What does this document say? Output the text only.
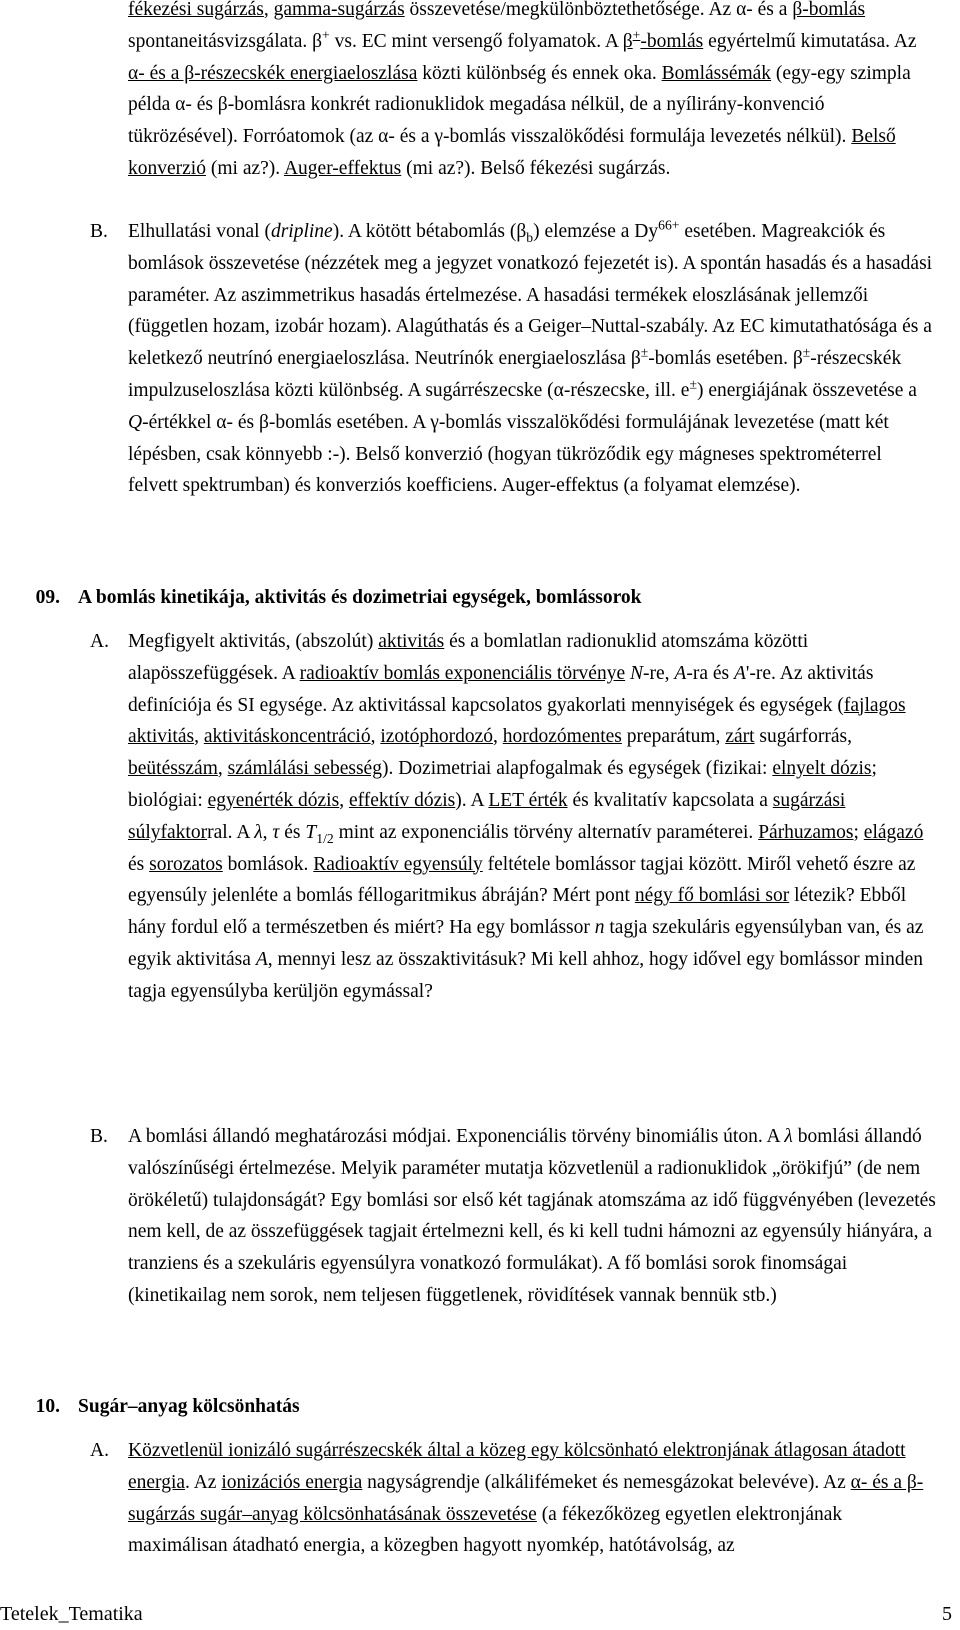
fékezési sugárzás, gamma-sugárzás összevetése/megkülönböztethetősége. Az α- és a β-bomlás spontaneitásvizsgálata. β+ vs. EC mint versengő folyamatok. A β+-bomlás egyértelmű kimutatása. Az α- és a β-részecskék energiaeloszlása közti különbség és ennek oka. Bomlássémák (egy-egy szimpla példa α- és β-bomlásra konkrét radionuklidok megadása nélkül, de a nyílirány-konvenció tükrözésével). Forróatomok (az α- és a γ-bomlás visszalökődési formulája levezetés nélkül). Belső konverzió (mi az?). Auger-effektus (mi az?). Belső fékezési sugárzás.

B. Elhullatási vonal (dripline). A kötött bétabomlás $(\beta_b)$ elemzése a $Dy^{66+}$ esetében. Magreakciók és bomlások összevetése (nézzétek meg a jegyzet vonatkozó fejezetét is). A spontán hasadás és a hasadási paraméter. Az aszimmetrikus hasadás értelmezése. A hasadási termékek eloszlásának jellemzői (független hozam, izobár hozam). Alagúthatás és a Geiger–Nuttal-szabály. Az EC kimutathatósága és a keletkező neutrínó energiaeloszlása. Neutrínók energiaeloszlása β±-bomlás esetében. β±-részecskék impulzuseloszlása közti különbség. A sugárrészecske (α-részecske, ill. e±) energiájának összevetése a Q-értékkel α- és β-bomlás esetében. A γ-bomlás visszalökődési formulájának levezetése (matt két lépésben, csak könnyebb :-). Belső konverzió (hogyan tükröződik egy mágneses spektrométerrel felvett spektrumban) és konverziós koefficiens. Auger-effektus (a folyamat elemzése).

09. A bomlás kinetikája, aktivitás és dozimetriai egységek, bomlássorok
A. Megfigyelt aktivitás, (abszolút) aktivitás és a bomlatlan radionuklid atomszáma közötti alapösszefüggések. A radioaktív bomlás exponenciális törvénye N-re, A-ra és A'-re. Az aktivitás definíciója és SI egysége. Az aktivitással kapcsolatos gyakorlati mennyiségek és egységek (fajlagos aktivitás, aktivitáskoncentráció, izotóphordozó, hordozómentes preparátum, zárt sugárforrás, beütésszám, számlálási sebesség). Dozimetriai alapfogalmak és egységek (fizikai: elnyelt dózis; biológiai: egyenérték dózis, effektív dózis). A LET érték és kvalitatív kapcsolata a sugárzási súlyfaktorral. A λ, τ és $T_{1/2}$ mint az exponenciális törvény alternatív paraméterei. Párhuzamos; elágazó és sorozatos bomlások. Radioaktív egyensúly feltétele bomlássor tagjai között. Miről vehető észre az egyensúly jelenléte a bomlás féllogaritmikus ábráján? Mért pont négy fő bomlási sor létezik? Ebből hány fordul elő a természetben és miért? Ha egy bomlássor n tagja szekuláris egyensúlyban van, és az egyik aktivitása A, mennyi lesz az összaktivitásuk? Mi kell ahhoz, hogy idővel egy bomlássor minden tagja egyensúlyba kerüljön egymással?

B. A bomlási állandó meghatározási módjai. Exponenciális törvény binomiális úton. A λ bomlási állandó valószínűségi értelmezése. Melyik paraméter mutatja közvetlenül a radionuklidok „örökifjú” (de nem örökéletű) tulajdonságát? Egy bomlási sor első két tagjának atomszáma az idő függvényében (levezetés nem kell, de az összefüggések tagjait értelmezni kell, és ki kell tudni hámozni az egyensúly hiányára, a tranziens és a szekuláris egyensúlyra vonatkozó formulákat). A fő bomlási sorok finomságai (kinetikailag nem sorok, nem teljesen függetlenek, rövidítések vannak bennük stb.)

10. Sugár–anyag kölcsönhatás
A. Közvetlenül ionizáló sugárrészecskék által a közeg egy kölcsönható elektronjának átlagosan átadott energia. Az ionizációs energia nagyságrendje (alkálifémeket és nemesgázokat belevéve). Az α- és a β-sugárzás sugár–anyag kölcsönhatásának összevetése (a fékezőközeg egyetlen elektronjának maximálisan átadható energia, a közegben hagyott nyomkép, hatótávolság, az

Tetelek_Tematika	5
